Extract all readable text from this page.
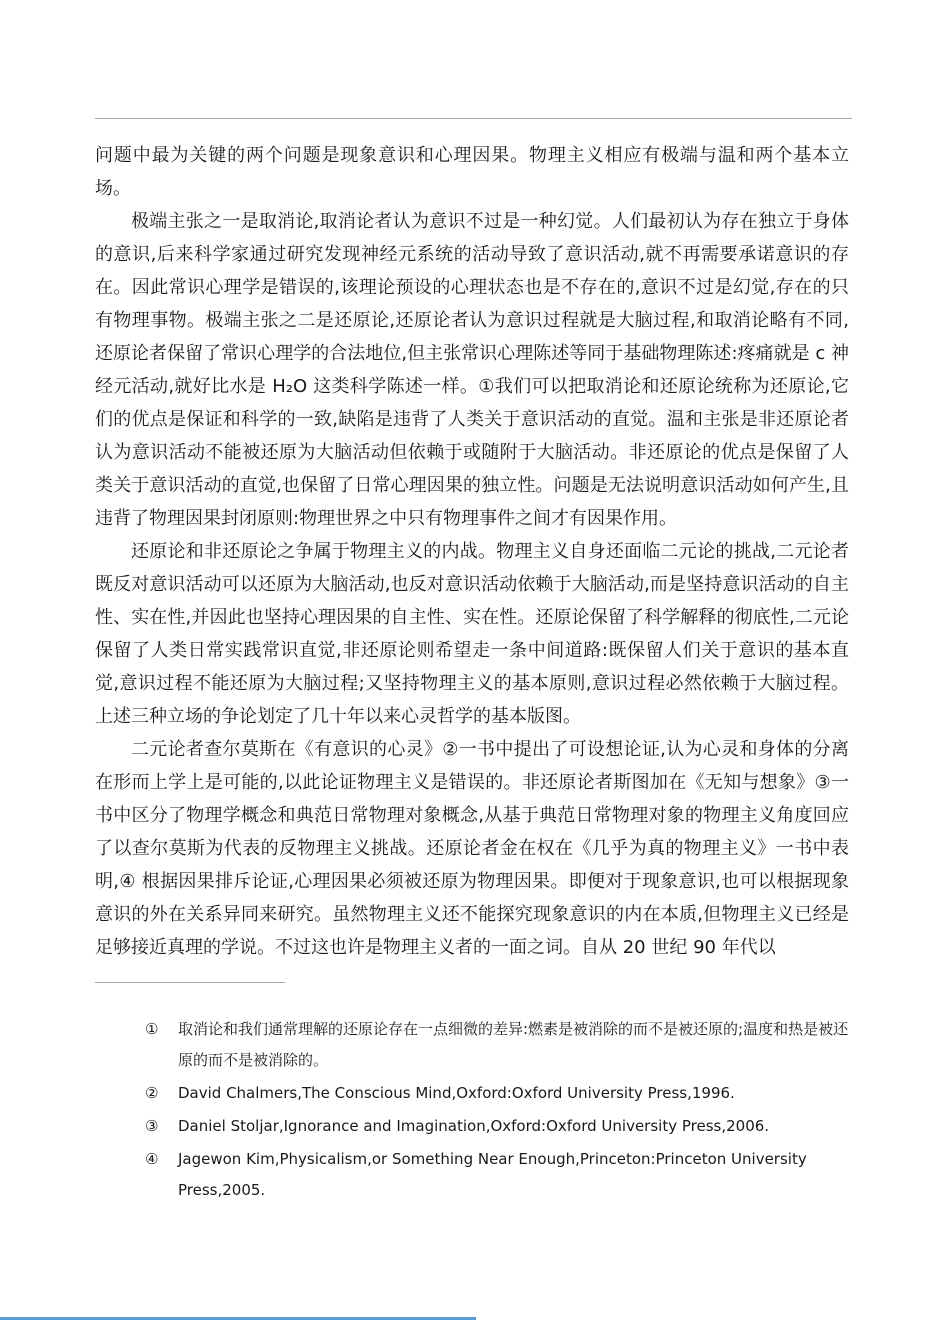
问题中最为关键的两个问题是现象意识和心理因果。物理主义相应有极端与温和两个基本立场。

极端主张之一是取消论,取消论者认为意识不过是一种幻觉。人们最初认为存在独立于身体的意识,后来科学家通过研究发现神经元系统的活动导致了意识活动,就不再需要承诺意识的存在。因此常识心理学是错误的,该理论预设的心理状态也是不存在的,意识不过是幻觉,存在的只有物理事物。极端主张之二是还原论,还原论者认为意识过程就是大脑过程,和取消论略有不同,还原论者保留了常识心理学的合法地位,但主张常识心理陈述等同于基础物理陈述:疼痛就是 c 神经元活动,就好比水是 H₂O 这类科学陈述一样。①我们可以把取消论和还原论统称为还原论,它们的优点是保证和科学的一致,缺陷是违背了人类关于意识活动的直觉。温和主张是非还原论者认为意识活动不能被还原为大脑活动但依赖于或随附于大脑活动。非还原论的优点是保留了人类关于意识活动的直觉,也保留了日常心理因果的独立性。问题是无法说明意识活动如何产生,且违背了物理因果封闭原则:物理世界之中只有物理事件之间才有因果作用。

还原论和非还原论之争属于物理主义的内战。物理主义自身还面临二元论的挑战,二元论者既反对意识活动可以还原为大脑活动,也反对意识活动依赖于大脑活动,而是坚持意识活动的自主性、实在性,并因此也坚持心理因果的自主性、实在性。还原论保留了科学解释的彻底性,二元论保留了人类日常实践常识直觉,非还原论则希望走一条中间道路:既保留人们关于意识的基本直觉,意识过程不能还原为大脑过程;又坚持物理主义的基本原则,意识过程必然依赖于大脑过程。上述三种立场的争论划定了几十年以来心灵哲学的基本版图。

二元论者查尔莫斯在《有意识的心灵》②一书中提出了可设想论证,认为心灵和身体的分离在形而上学上是可能的,以此论证物理主义是错误的。非还原论者斯图加在《无知与想象》③一书中区分了物理学概念和典范日常物理对象概念,从基于典范日常物理对象的物理主义角度回应了以查尔莫斯为代表的反物理主义挑战。还原论者金在权在《几乎为真的物理主义》一书中表明,④ 根据因果排斥论证,心理因果必须被还原为物理因果。即便对于现象意识,也可以根据现象意识的外在关系异同来研究。虽然物理主义还不能探究现象意识的内在本质,但物理主义已经是足够接近真理的学说。不过这也许是物理主义者的一面之词。自从 20 世纪 90 年代以

①	取消论和我们通常理解的还原论存在一点细微的差异:燃素是被消除的而不是被还原的;温度和热是被还原的而不是被消除的。
②	David Chalmers,The Conscious Mind,Oxford:Oxford University Press,1996.
③	Daniel Stoljar,Ignorance and Imagination,Oxford:Oxford University Press,2006.
④	Jagewon Kim,Physicalism,or Something Near Enough,Princeton:Princeton University Press,2005.
